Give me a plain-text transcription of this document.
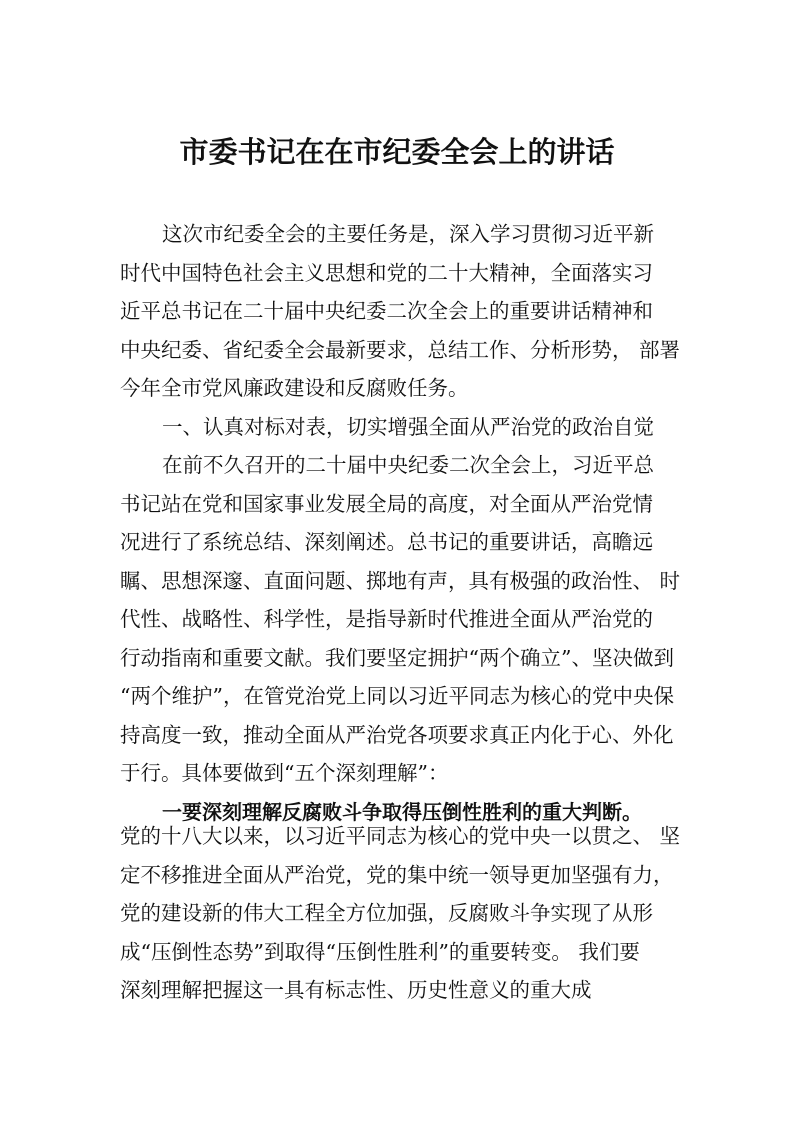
市委书记在在市纪委全会上的讲话
这次市纪委全会的主要任务是，深入学习贯彻习近平新
时代中国特色社会主义思想和党的二十大精神，全面落实习
近平总书记在二十届中央纪委二次全会上的重要讲话精神和
中央纪委、省纪委全会最新要求，总结工作、分析形势， 部署
今年全市党风廉政建设和反腐败任务。
一、认真对标对表，切实增强全面从严治党的政治自觉
在前不久召开的二十届中央纪委二次全会上，习近平总
书记站在党和国家事业发展全局的高度，对全面从严治党情
况进行了系统总结、深刻阐述。总书记的重要讲话，高瞻远
瞩、思想深邃、直面问题、掷地有声，具有极强的政治性、 时
代性、战略性、科学性，是指导新时代推进全面从严治党的
行动指南和重要文献。我们要坚定拥护“两个确立”、坚决做到
“两个维护”，在管党治党上同以习近平同志为核心的党中央保
持高度一致，推动全面从严治党各项要求真正内化于心、外化
于行。具体要做到“五个深刻理解”：
一要深刻理解反腐败斗争取得压倒性胜利的重大判断。
党的十八大以来，以习近平同志为核心的党中央一以贯之、 坚
定不移推进全面从严治党，党的集中统一领导更加坚强有力，
党的建设新的伟大工程全方位加强，反腐败斗争实现了从形
成“压倒性态势”到取得“压倒性胜利”的重要转变。 我们要
深刻理解把握这一具有标志性、历史性意义的重大成
